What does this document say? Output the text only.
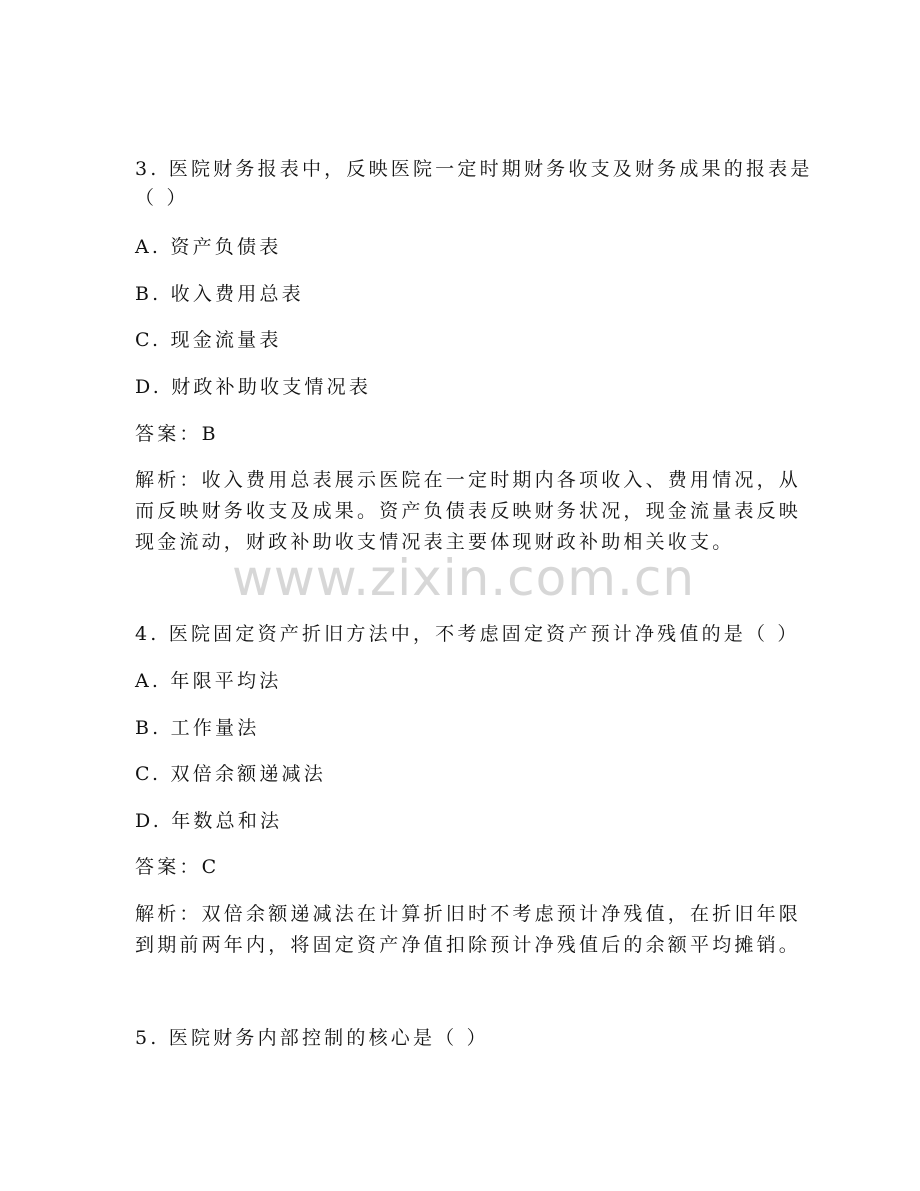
www.zixin.com.cn
3. 医院财务报表中，反映医院一定时期财务收支及财务成果的报表是
（ ）
A. 资产负债表
B. 收入费用总表
C. 现金流量表
D. 财政补助收支情况表
答案：B
解析：收入费用总表展示医院在一定时期内各项收入、费用情况，从
而反映财务收支及成果。资产负债表反映财务状况，现金流量表反映
现金流动，财政补助收支情况表主要体现财政补助相关收支。
4. 医院固定资产折旧方法中，不考虑固定资产预计净残值的是（ ）
A. 年限平均法
B. 工作量法
C. 双倍余额递减法
D. 年数总和法
答案：C
解析：双倍余额递减法在计算折旧时不考虑预计净残值，在折旧年限
到期前两年内，将固定资产净值扣除预计净残值后的余额平均摊销。
5. 医院财务内部控制的核心是（ ）
